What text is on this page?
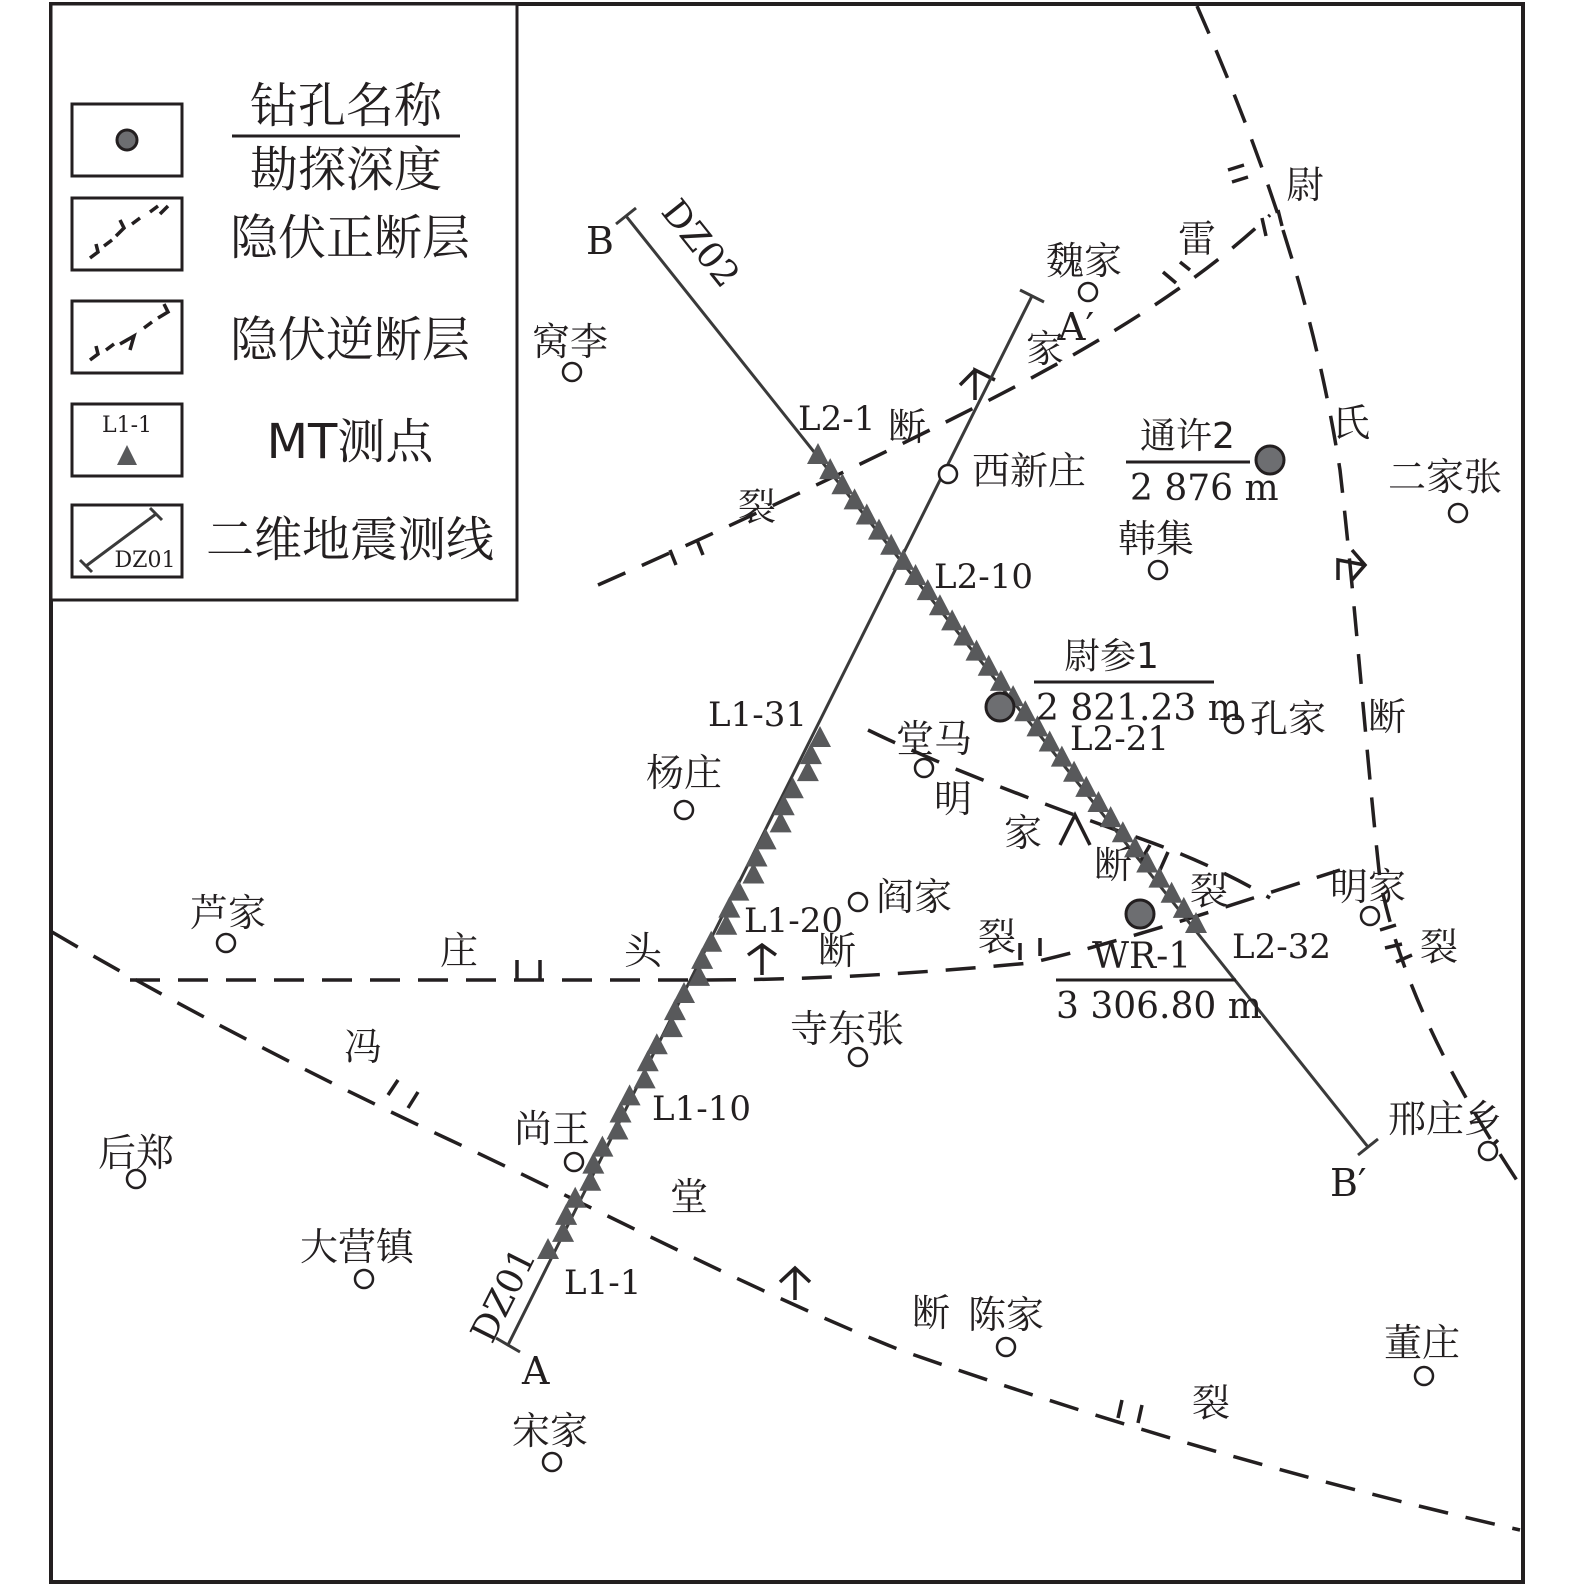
窝李
魏家
西新庄
韩集
二家张
孔家
杨庄
堂马
阎家
芦家
寺东张
明家
后郑
尚王
大营镇
陈家
宋家
董庄
邢庄乡
裂
断
家
雷
尉
氏
断
裂
明
家
断
裂
庄	头	断	裂
冯
堂
断
裂
通许2
2 876 m
尉参1
2 821.23 m
WR-1
3 306.80 m
A
A′
B
B′
DZ01
DZ02
L1-1
L1-10
L1-20
L1-31
L2-1
L2-10
L2-21
L2-32
钻孔名称
勘探深度
隐伏正断层
隐伏逆断层
L1-1 MT测点
DZ01 二维地震测线
